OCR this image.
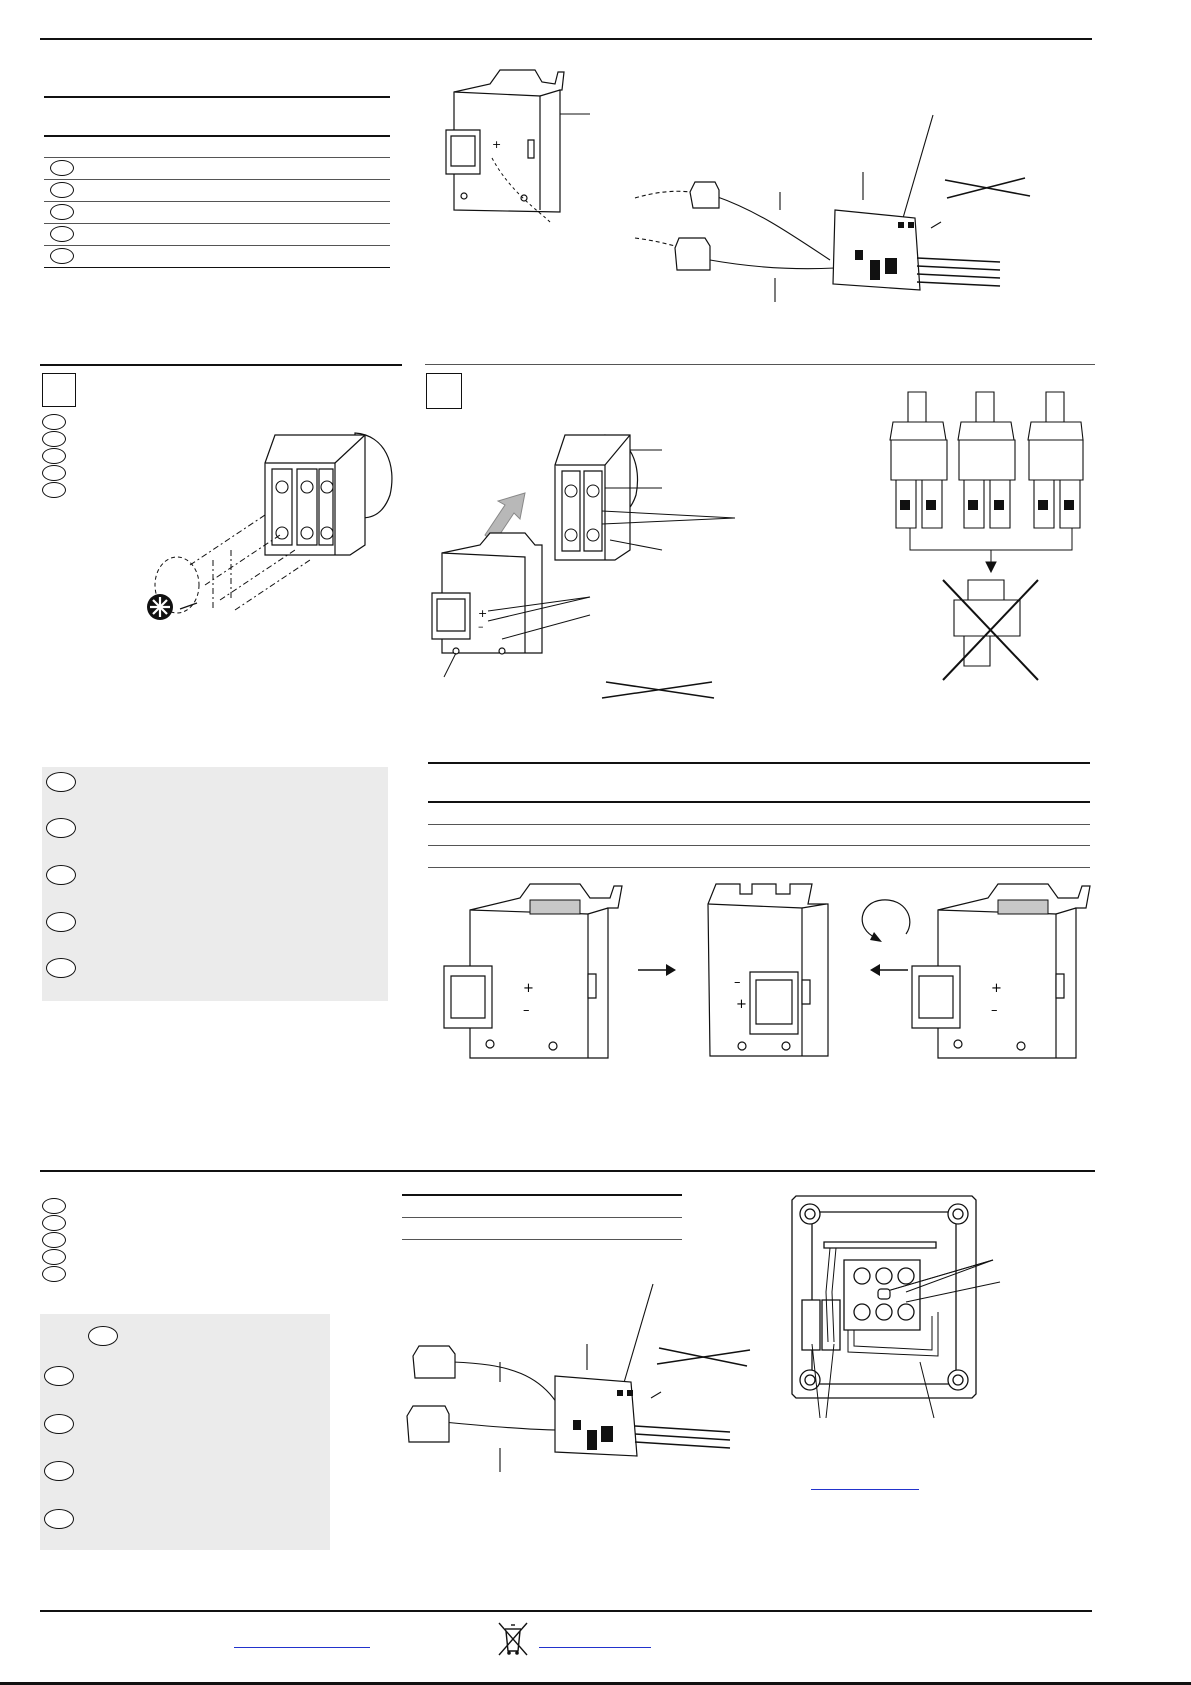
+
+
–
+
–
–
+
+
–
